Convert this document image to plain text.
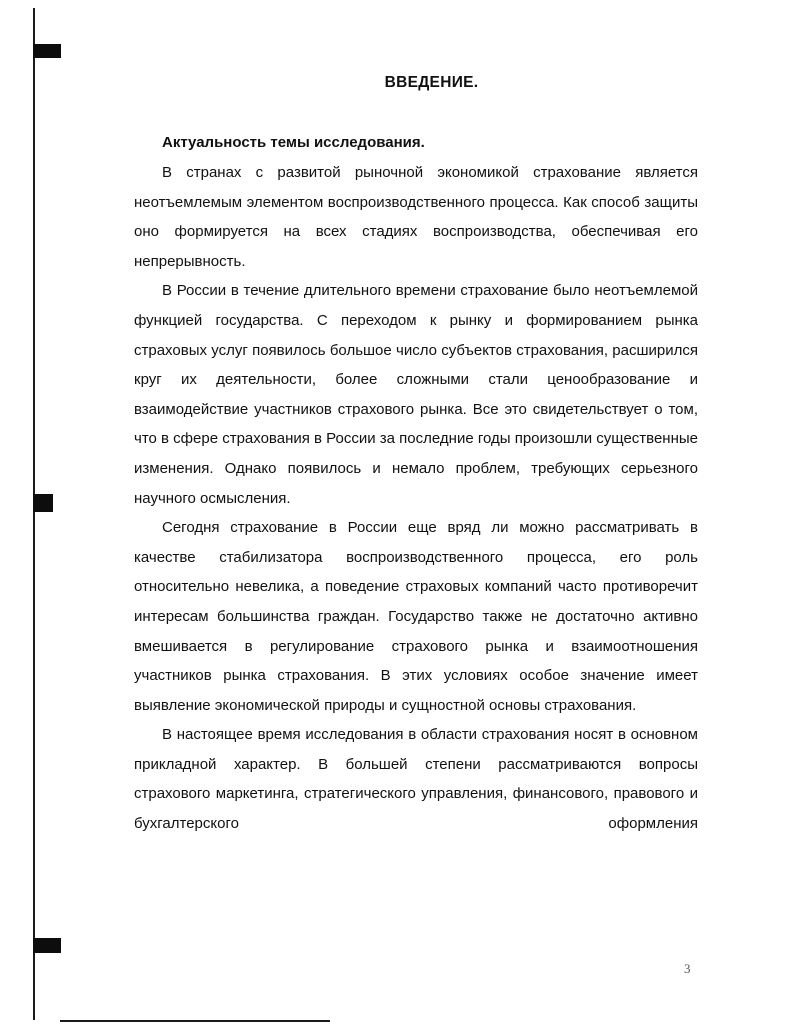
ВВЕДЕНИЕ.

Актуальность темы исследования.

В странах с развитой рыночной экономикой страхование является неотъемлемым элементом воспроизводственного процесса. Как способ защиты оно формируется на всех стадиях воспроизводства, обеспечивая его непрерывность.

В России в течение длительного времени страхование было неотъемлемой функцией государства. С переходом к рынку и формированием рынка страховых услуг появилось большое число субъектов страхования, расширился круг их деятельности, более сложными стали ценообразование и взаимодействие участников страхового рынка. Все это свидетельствует о том, что в сфере страхования в России за последние годы произошли существенные изменения. Однако появилось и немало проблем, требующих серьезного научного осмысления.

Сегодня страхование в России еще вряд ли можно рассматривать в качестве стабилизатора воспроизводственного процесса, его роль относительно невелика, а поведение страховых компаний часто противоречит интересам большинства граждан. Государство также не достаточно активно вмешивается в регулирование страхового рынка и взаимоотношения участников рынка страхования. В этих условиях особое значение имеет выявление экономической природы и сущностной основы страхования.

В настоящее время исследования в области страхования носят в основном прикладной характер. В большей степени рассматриваются вопросы страхового маркетинга, стратегического управления, финансового, правового и бухгалтерского оформления

3
